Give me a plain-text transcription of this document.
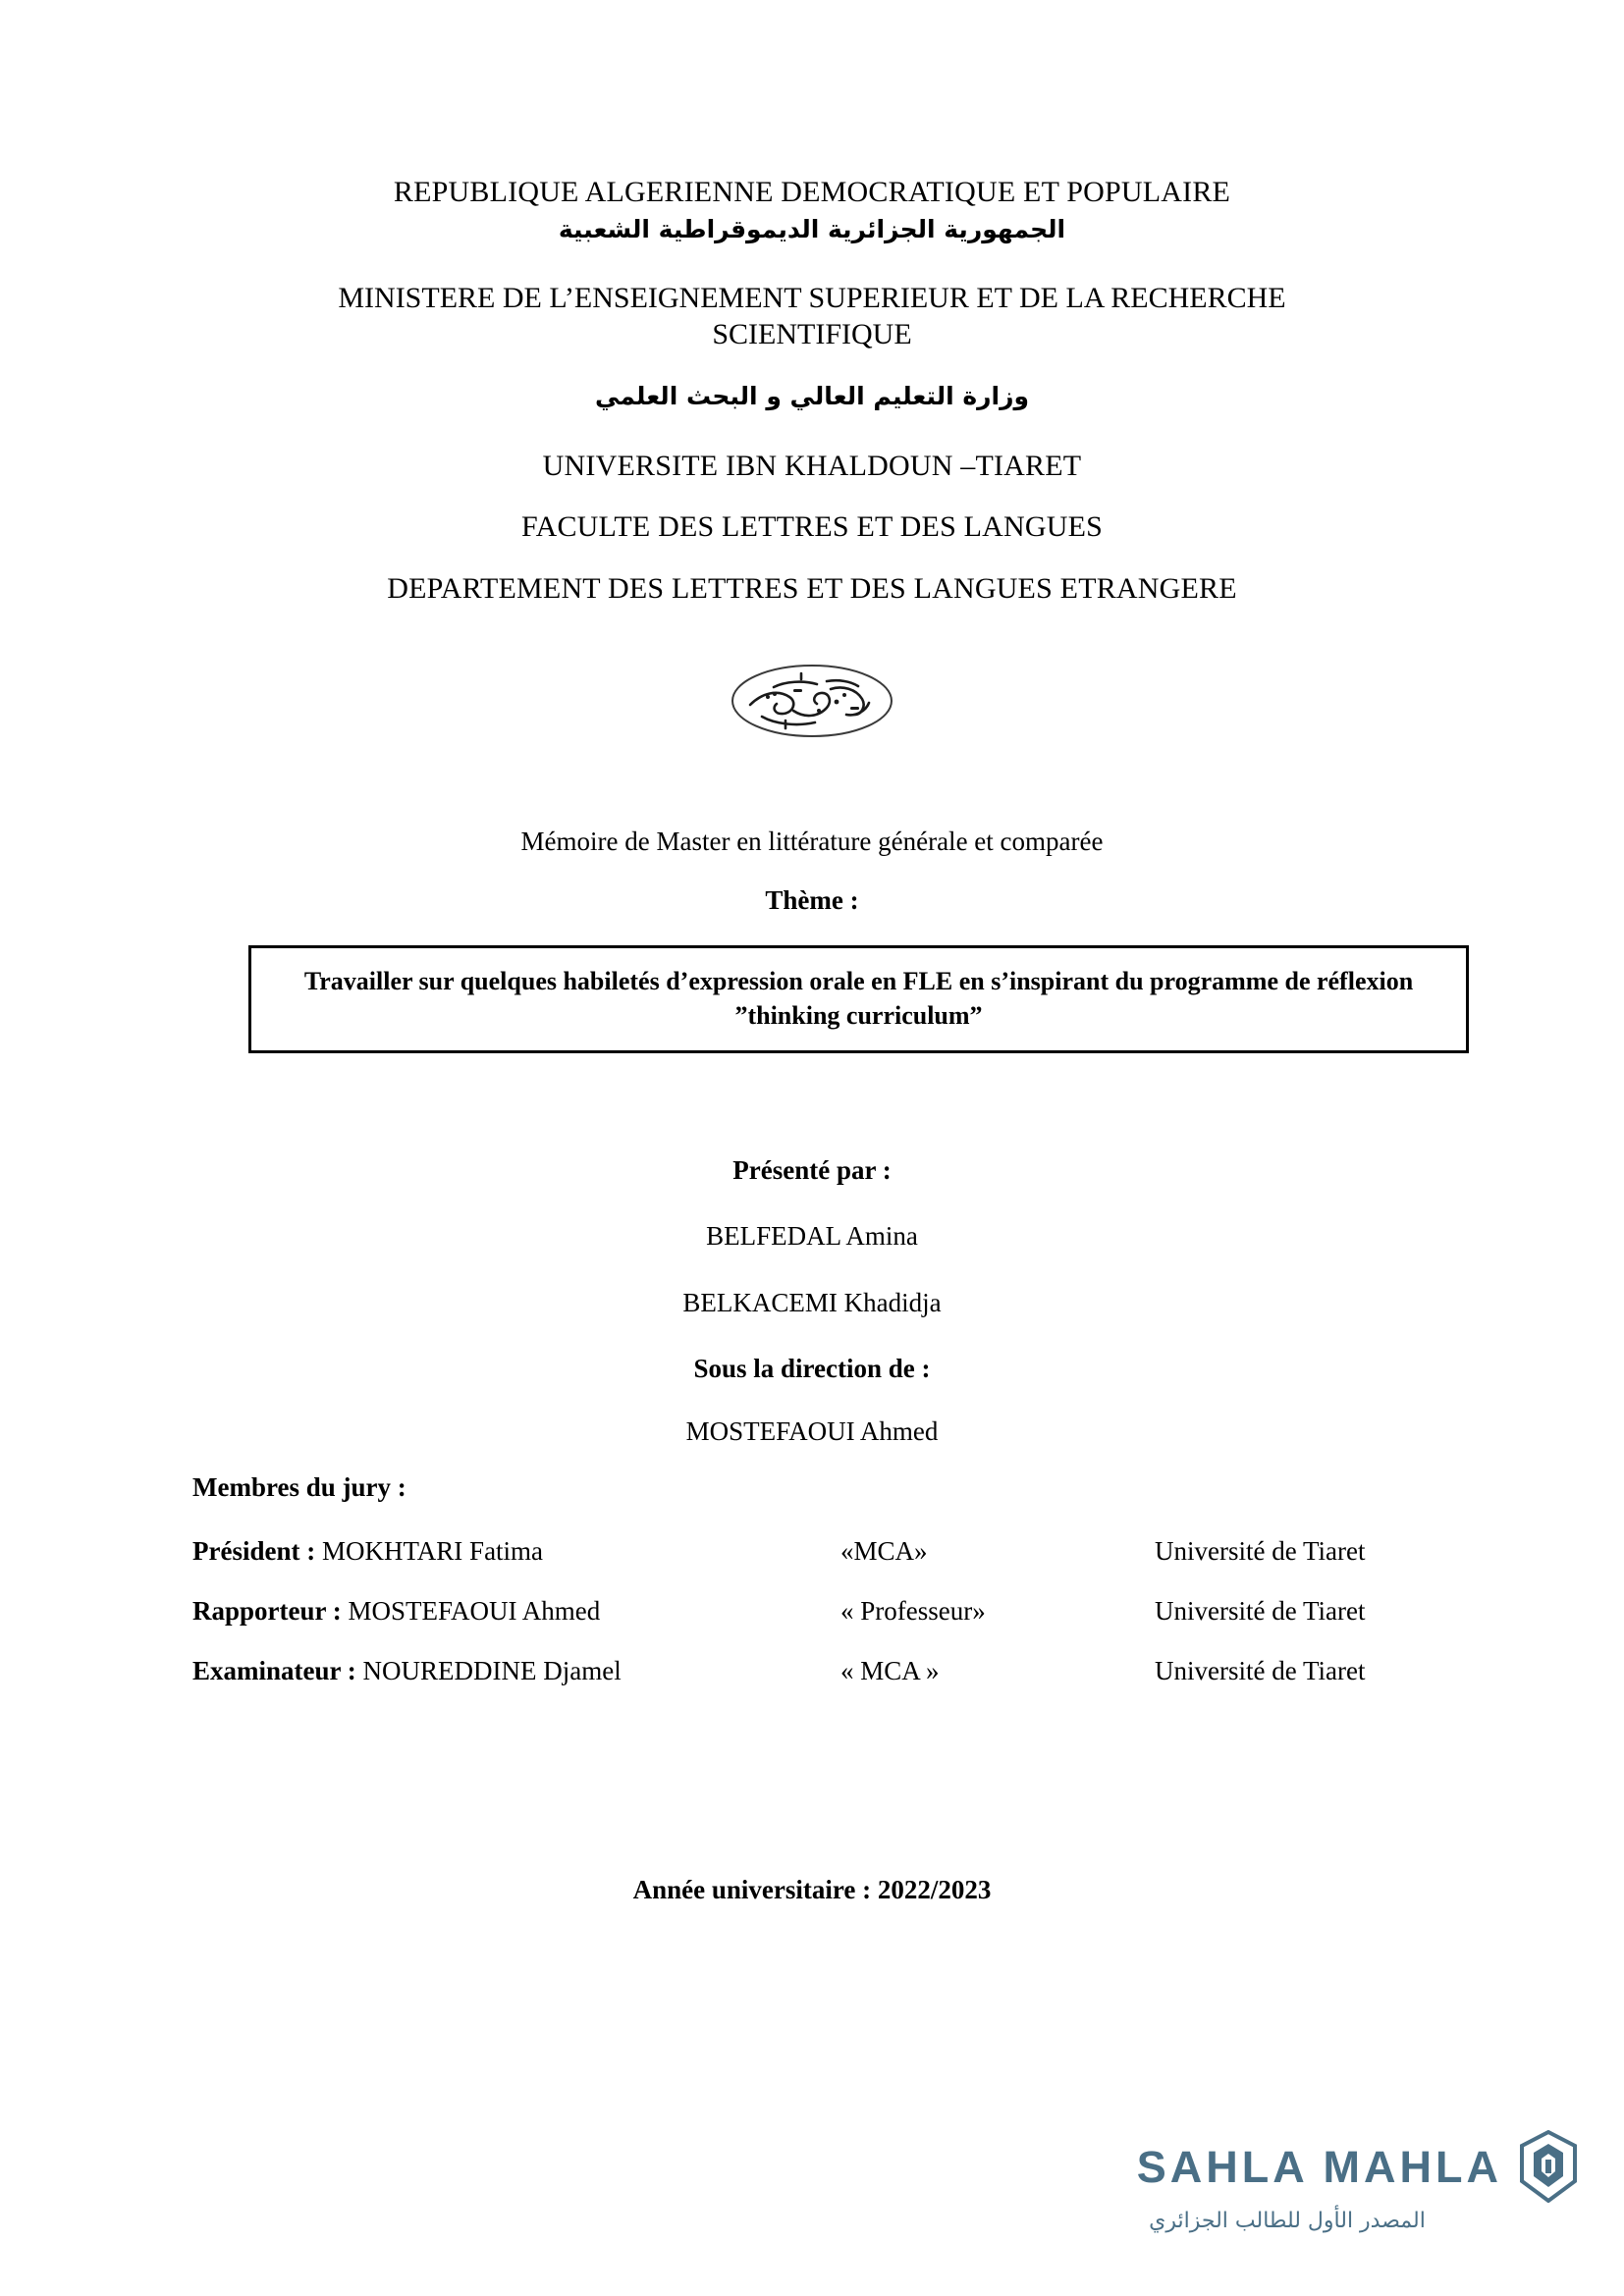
REPUBLIQUE ALGERIENNE DEMOCRATIQUE ET POPULAIRE
الجمهورية الجزائرية الديموقراطية الشعبية
MINISTERE DE L’ENSEIGNEMENT SUPERIEUR ET DE LA RECHERCHE SCIENTIFIQUE
وزارة التعليم العالي و البحث العلمي
UNIVERSITE IBN KHALDOUN –TIARET
FACULTE DES LETTRES ET DES LANGUES
DEPARTEMENT DES LETTRES ET DES LANGUES ETRANGERE
Mémoire de Master en littérature générale et comparée
Thème :
Travailler sur quelques habiletés d’expression orale en FLE en s’inspirant du programme de réflexion ”thinking curriculum”
Présenté par :
BELFEDAL Amina
BELKACEMI Khadidja
Sous la direction de :
MOSTEFAOUI Ahmed
Membres du jury :
Président : MOKHTARI Fatima	«MCA»	Université de Tiaret
Rapporteur : MOSTEFAOUI Ahmed	« Professeur»	Université de Tiaret
Examinateur : NOUREDDINE Djamel	« MCA »	Université de Tiaret
Année universitaire : 2022/2023
SAHLA MAHLA
المصدر الأول للطالب الجزائري
